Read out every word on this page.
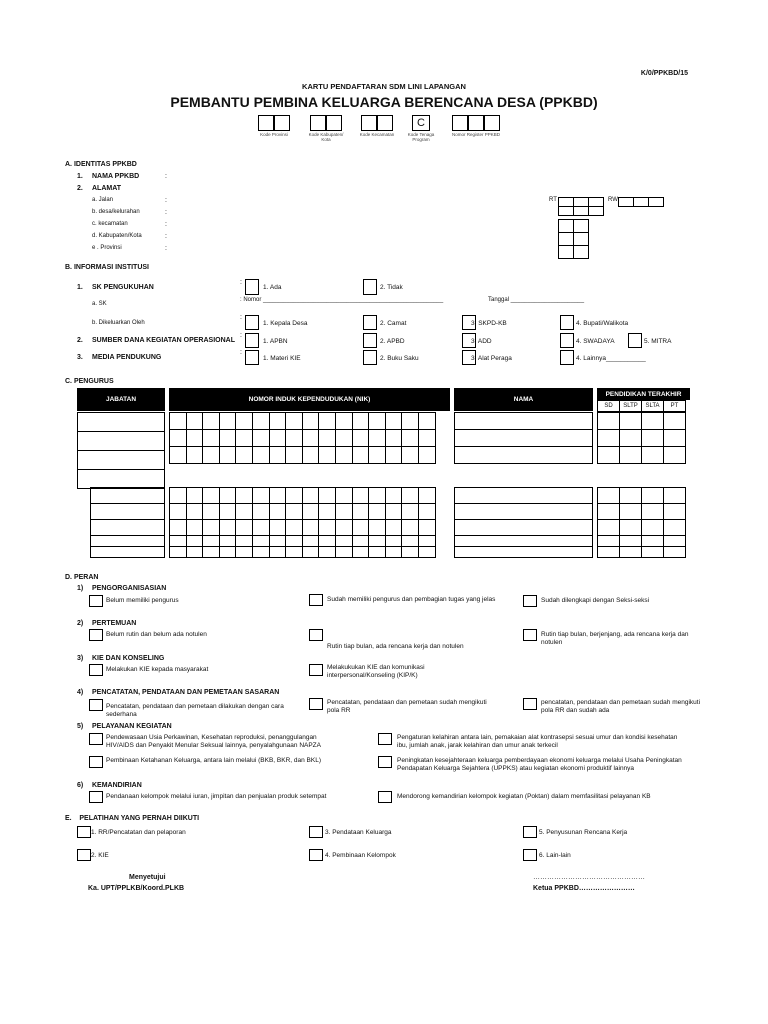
K/0/PPKBD/15
KARTU PENDAFTARAN SDM LINI LAPANGAN
PEMBANTU PEMBINA KELUARGA BERENCANA DESA (PPKBD)
C
Kode Provinsi	Kode Kabupaten/ Kota
Kode Kecamatan	Kode Tenaga Program
Nomor Register PPKBD
A. IDENTITAS PPKBD
1. NAMA PPKBD	:
2. ALAMAT
a. Jalan
b. desa/kelurahan
c. kecamatan
d. Kabupaten/Kota
e . Provinsi
:
:
:
:
:
RT	RW

B. INFORMASI INSTITUSI
1. SK PENGUKUHAN
:
1. Ada	2. Tidak
a. SK
: Nomor ______________________________________________________	Tanggal ______________________
b. Dikeluarkan Oleh
:
1. Kepala Desa	2. Camat	3. SKPD-KB	4. Bupati/Walikota
2. SUMBER DANA KEGIATAN OPERASIONAL
:
1. APBN	2. APBD	3. ADD	4. SWADAYA	5. MITRA
3. MEDIA PENDUKUNG
:
1. Materi KIE	2. Buku Saku	3. Alat Peraga	4. Lainnya___________
C. PENGURUS
JABATAN	NOMOR INDUK KEPENDUDUKAN (NIK)	NAMA
PENDIDIKAN TERAKHIR
SD	SLTP	SLTA	PT

D. PERAN
1) PENGORGANISASIAN
Belum memiliki pengurus	Sudah memiliki pengurus dan pembagian tugas yang jelas	Sudah dilengkapi dengan Seksi-seksi
2) PERTEMUAN
Belum rutin dan belum ada notulen
Rutin tiap bulan, ada rencana kerja dan notulen
Rutin tiap bulan, berjenjang, ada rencana kerja dan notulen
3) KIE DAN KONSELING
Melakukan KIE kepada masyarakat	Melakukukan KIE dan komunikasi interpersonal/Konseling (KIP/K)
4) PENCATATAN, PENDATAAN DAN PEMETAAN SASARAN
Pencatatan, pendataan dan pemetaan dilakukan dengan cara sederhana
Pencatatan, pendataan dan pemetaan sudah mengikuti pola RR
pencatatan, pendataan dan pemetaan sudah mengikuti pola RR dan sudah ada
5) PELAYANAN KEGIATAN
Pendewasaan Usia Perkawinan, Kesehatan reproduksi, penanggulangan HIV/AIDS dan Penyakit Menular Seksual lainnya, penyalahgunaan NAPZA
Pengaturan kelahiran antara lain, pemakaian alat kontrasepsi sesuai umur dan kondisi kesehatan ibu, jumlah anak, jarak kelahiran dan umur anak terkecil
Pembinaan Ketahanan Keluarga, antara lain melalui (BKB, BKR, dan BKL)	Peningkatan kesejahteraan keluarga pemberdayaan ekonomi keluarga melalui Usaha Peningkatan Pendapatan Keluarga Sejahtera (UPPKS) atau kegiatan ekonomi produktif lainnya
6) KEMANDIRIAN
Pendanaan kelompok melalui iuran, jimpitan dan penjualan produk setempat	Mendorong kemandirian kelompok kegiatan (Poktan) dalam memfasilitasi pelayanan KB
E.    PELATIHAN YANG PERNAH DIIKUTI
1. RR/Pencatatan dan pelaporan	3. Pendataan Keluarga	5. Penyusunan Rencana Kerja
2. KIE	4. Pembinaan Kelompok	6. Lain-lain
Menyetujui
Ka. UPT/PPLKB/Koord.PLKB
…………………………………………
Ketua PPKBD……………………
